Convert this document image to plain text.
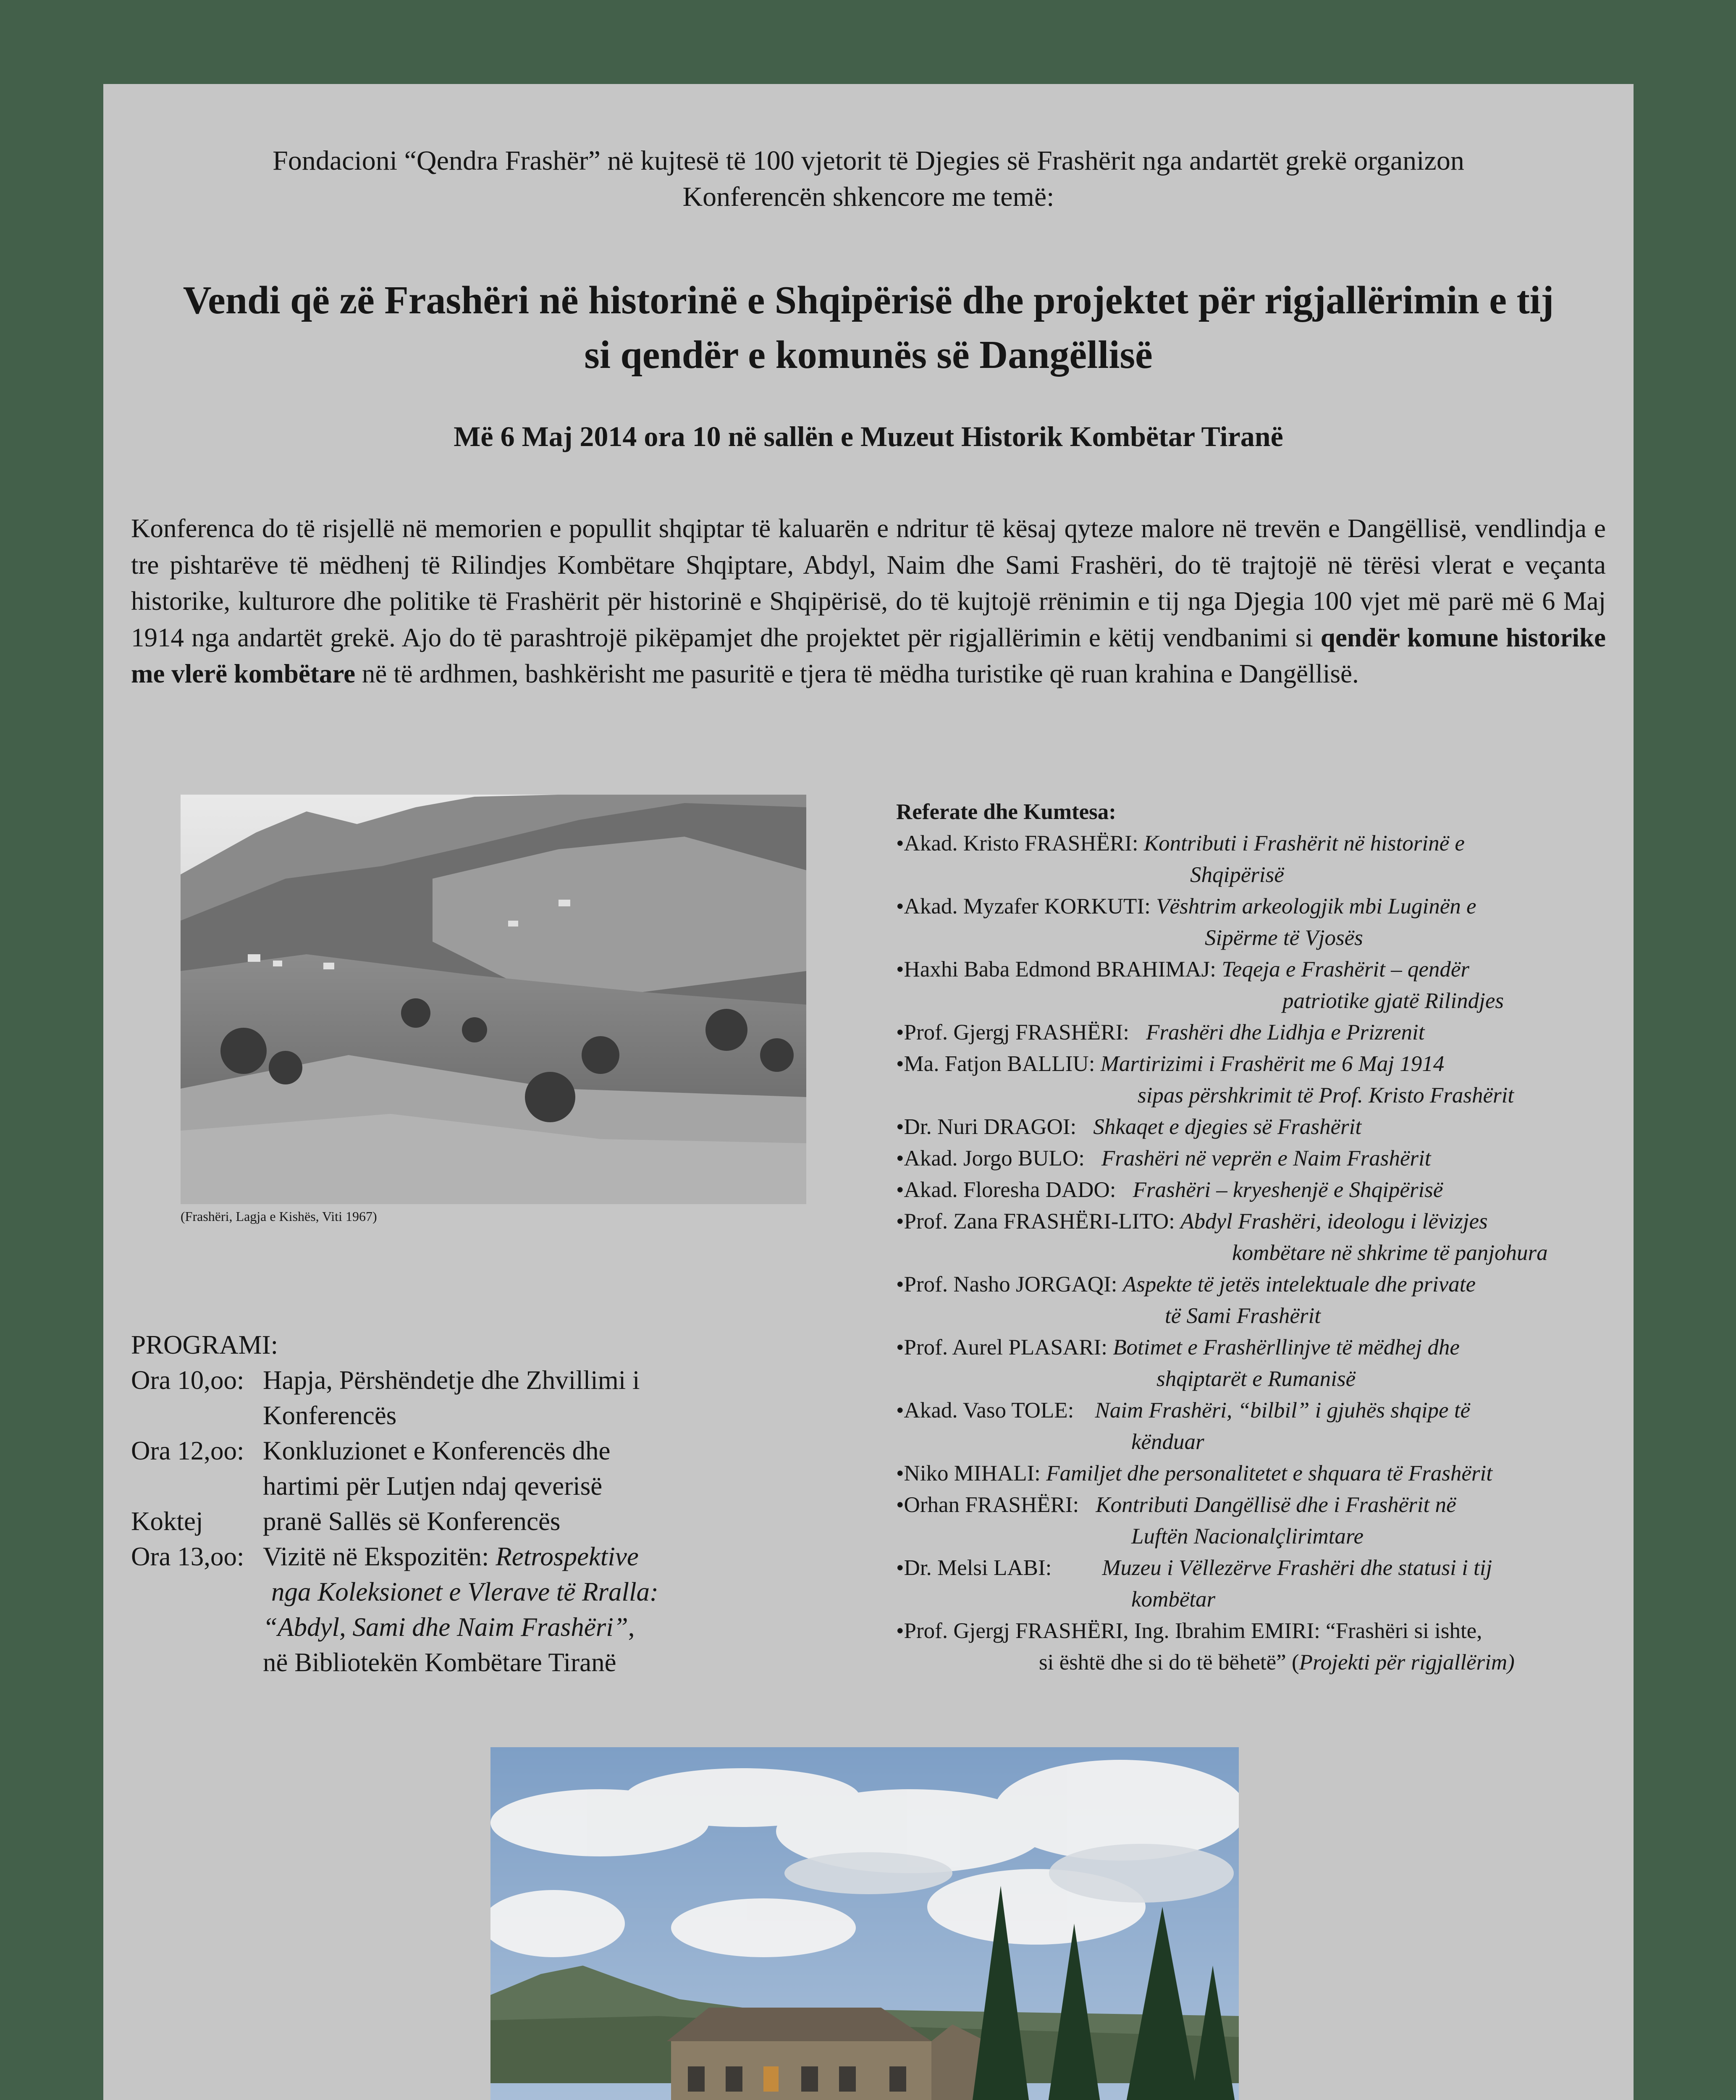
Fondacioni “Qendra Frashër” në kujtesë të 100 vjetorit të Djegies së Frashërit nga andartët grekë organizon
Konferencën shkencore me temë:
Vendi që zë Frashëri në historinë e Shqipërisë dhe projektet për rigjallërimin e tij
si qendër e komunës së Dangëllisë
Më 6 Maj 2014 ora 10 në sallën e Muzeut Historik Kombëtar Tiranë
Konferenca do të risjellë në memorien e popullit shqiptar të kaluarën e ndritur të kësaj qyteze malore në trevën e Dangëllisë, vendlindja e tre pishtarëve të mëdhenj të Rilindjes Kombëtare Shqiptare, Abdyl, Naim dhe Sami Frashëri, do të trajtojë në tërësi vlerat e veçanta historike, kulturore dhe politike të Frashërit për historinë e Shqipërisë, do të kujtojë rrënimin e tij nga Djegia 100 vjet më parë më 6 Maj 1914 nga andartët grekë. Ajo do të parashtrojë pikëpamjet dhe projektet për rigjallërimin e këtij vendbanimi si qendër komune historike me vlerë kombëtare në të ardhmen, bashkërisht me pasuritë e tjera të mëdha turistike që ruan krahina e Dangëllisë.
(Frashëri, Lagja e Kishës, Viti 1967)
Referate dhe Kumtesa:
•Akad. Kristo FRASHËRI: Kontributi i Frashërit në historinë e
Shqipërisë
•Akad. Myzafer KORKUTI: Vështrim arkeologjik mbi Luginën e
Sipërme të Vjosës
•Haxhi Baba Edmond BRAHIMAJ: Teqeja e Frashërit – qendër
patriotike gjatë Rilindjes
•Prof. Gjergj FRASHËRI: Frashëri dhe Lidhja e Prizrenit
•Ma. Fatjon BALLIU: Martirizimi i Frashërit me 6 Maj 1914
sipas përshkrimit të Prof. Kristo Frashërit
•Dr. Nuri DRAGOI: Shkaqet e djegies së Frashërit
•Akad. Jorgo BULO: Frashëri në veprën e Naim Frashërit
•Akad. Floresha DADO: Frashëri – kryeshenjë e Shqipërisë
•Prof. Zana FRASHËRI-LITO: Abdyl Frashëri, ideologu i lëvizjes
kombëtare në shkrime të panjohura
•Prof. Nasho JORGAQI: Aspekte të jetës intelektuale dhe private
të Sami Frashërit
•Prof. Aurel PLASARI: Botimet e Frashërllinjve të mëdhej dhe
shqiptarët e Rumanisë
•Akad. Vaso TOLE: Naim Frashëri, “bilbil” i gjuhës shqipe të
kënduar
•Niko MIHALI: Familjet dhe personalitetet e shquara të Frashërit
•Orhan FRASHËRI: Kontributi Dangëllisë dhe i Frashërit në
Luftën Nacionalçlirimtare
•Dr. Melsi LABI: Muzeu i Vëllezërve Frashëri dhe statusi i tij
kombëtar
•Prof. Gjergj FRASHËRI, Ing. Ibrahim EMIRI: “Frashëri si ishte,
si është dhe si do të bëhetë” (Projekti për rigjallërim)
PROGRAMI:
Ora 10,oo: Hapja, Përshëndetje dhe Zhvillimi i
Konferencës
Ora 12,oo: Konkluzionet e Konferencës dhe
hartimi për Lutjen ndaj qeverisë
Koktej	pranë Sallës së Konferencës
Ora 13,oo: Vizitë në Ekspozitën: Retrospektive
nga Koleksionet e Vlerave të Rralla:
“Abdyl, Sami dhe Naim Frashëri”,
në Bibliotekën Kombëtare Tiranë
